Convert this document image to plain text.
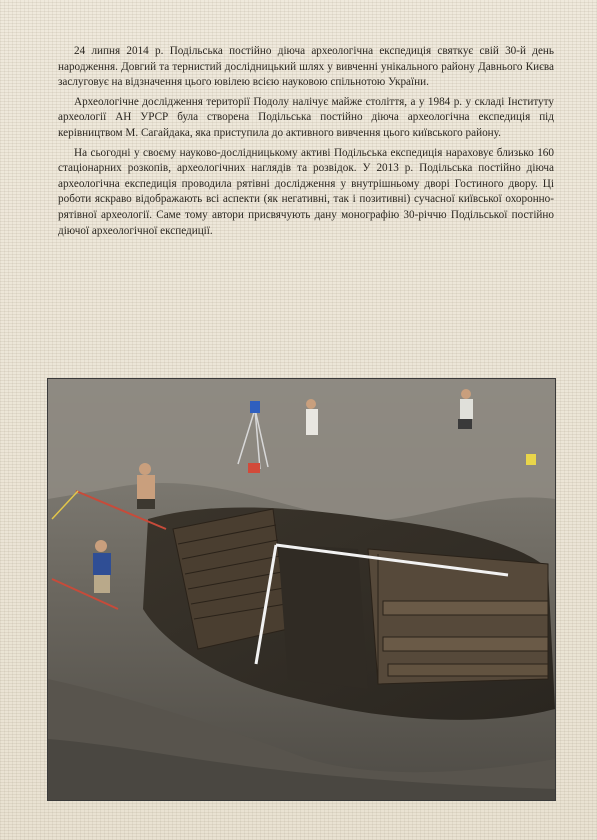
24 липня 2014 р. Подільська постійно діюча археологічна експедиція святкує свій 30-й день народження. Довгий та тернистий дослідницький шлях у вивченні унікального району Давнього Києва заслуговує на відзначення цього ювілею всією науковою спільнотою України.

Археологічне дослідження території Подолу налічує майже століття, а у 1984 р. у складі Інституту археології АН УРСР була створена Подільська постійно діюча археологічна експедиція під керівництвом М. Сагайдака, яка приступила до активного вивчення цього київського району.

На сьогодні у своєму науково-дослідницькому активі Подільська експедиція нараховує близько 160 стаціонарних розкопів, археологічних наглядів та розвідок. У 2013 р. Подільська постійно діюча археологічна експедиція проводила рятівні дослідження у внутрішньому дворі Гостиного двору. Ці роботи яскраво відображають всі аспекти (як негативні, так і позитивні) сучасної київської охоронно-рятівної археології. Саме тому автори присвячують дану монографію 30-річчю Подільської постійно діючої археологічної експедиції.
